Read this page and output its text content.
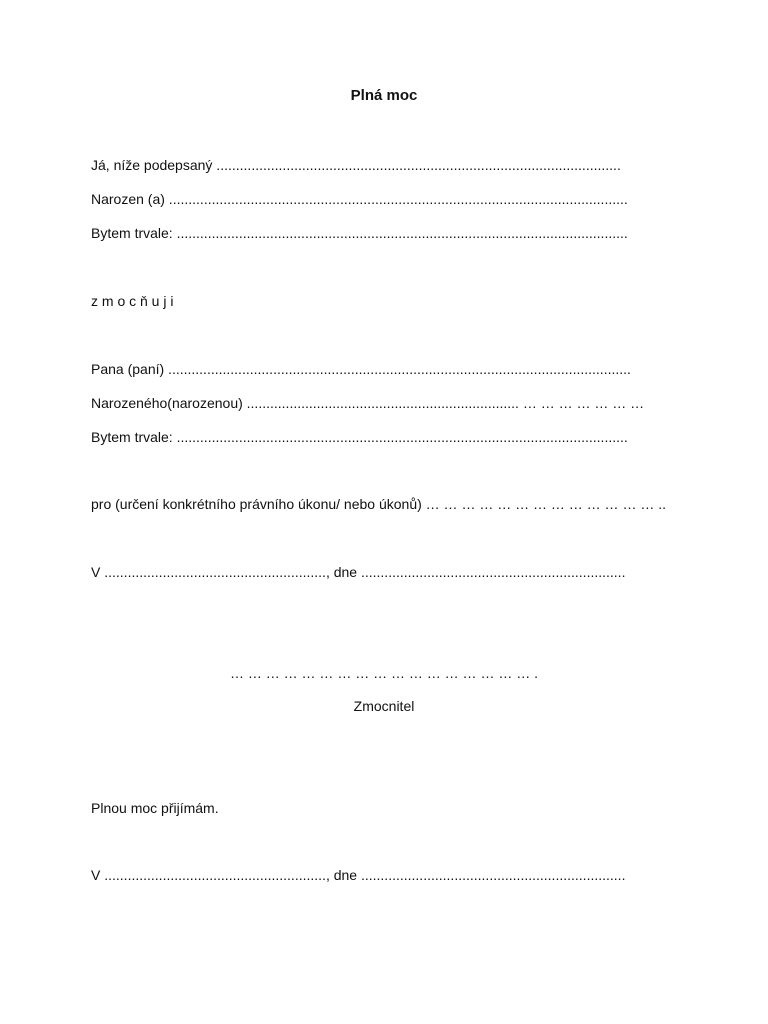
Plná moc
Já, níže podepsaný ........................................................................................................
Narozen (a) ......................................................................................................................
Bytem trvale: ....................................................................................................................
z m o c ň u j i
Pana (paní) .......................................................................................................................
Narozeného(narozenou) ...................................................................... … … … … … … …
Bytem trvale: ....................................................................................................................
pro (určení konkrétního právního úkonu/ nebo úkonů) … … … … … … … … … … … … … ..
V ........................................................., dne ....................................................................
… … … … … … … … … … … … … … … … … .
Zmocnitel
Plnou moc přijímám.
V ........................................................., dne ....................................................................
